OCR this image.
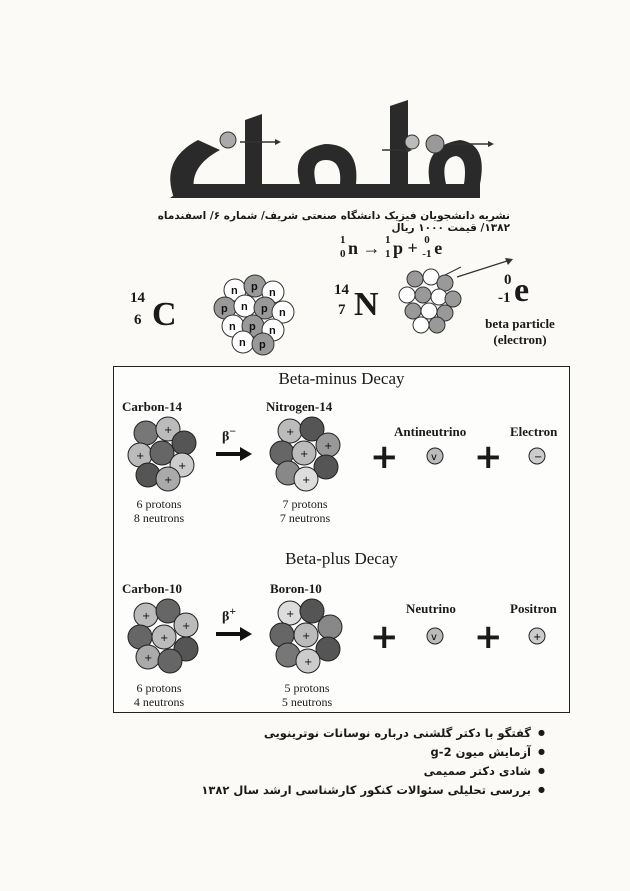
نشریه دانشجویان فیزیک دانشگاه صنعتی شریف/ شماره ۶/ اسفندماه ۱۳۸۲/ قیمت ۱۰۰۰ ریال
14
6 C
n p n
p n p n
n p n
n p
14
7 N
1
0 n → 1
1 p + 0
-1 e
0
-1 e
beta particle
(electron)
Beta-minus Decay
Carbon-14	Nitrogen-14
+
+
+
+
β−	+
+
+
+
6 protons
8 neutrons
7 protons
7 neutrons
+
Antineutrino
v +
Electron
−
Beta-plus Decay
Carbon-10	Boron-10
+
+
+
+
β+	+
+
+
6 protons
4 neutrons
5 protons
5 neutrons
+
Neutrino
v +
Positron
+
● گفتگو با دکتر گلشنی درباره نوسانات نوترینویی
● آزمایش میون 2-g
● شادی دکتر صمیمی
● بررسی تحلیلی سئوالات کنکور کارشناسی ارشد سال ۱۳۸۲
